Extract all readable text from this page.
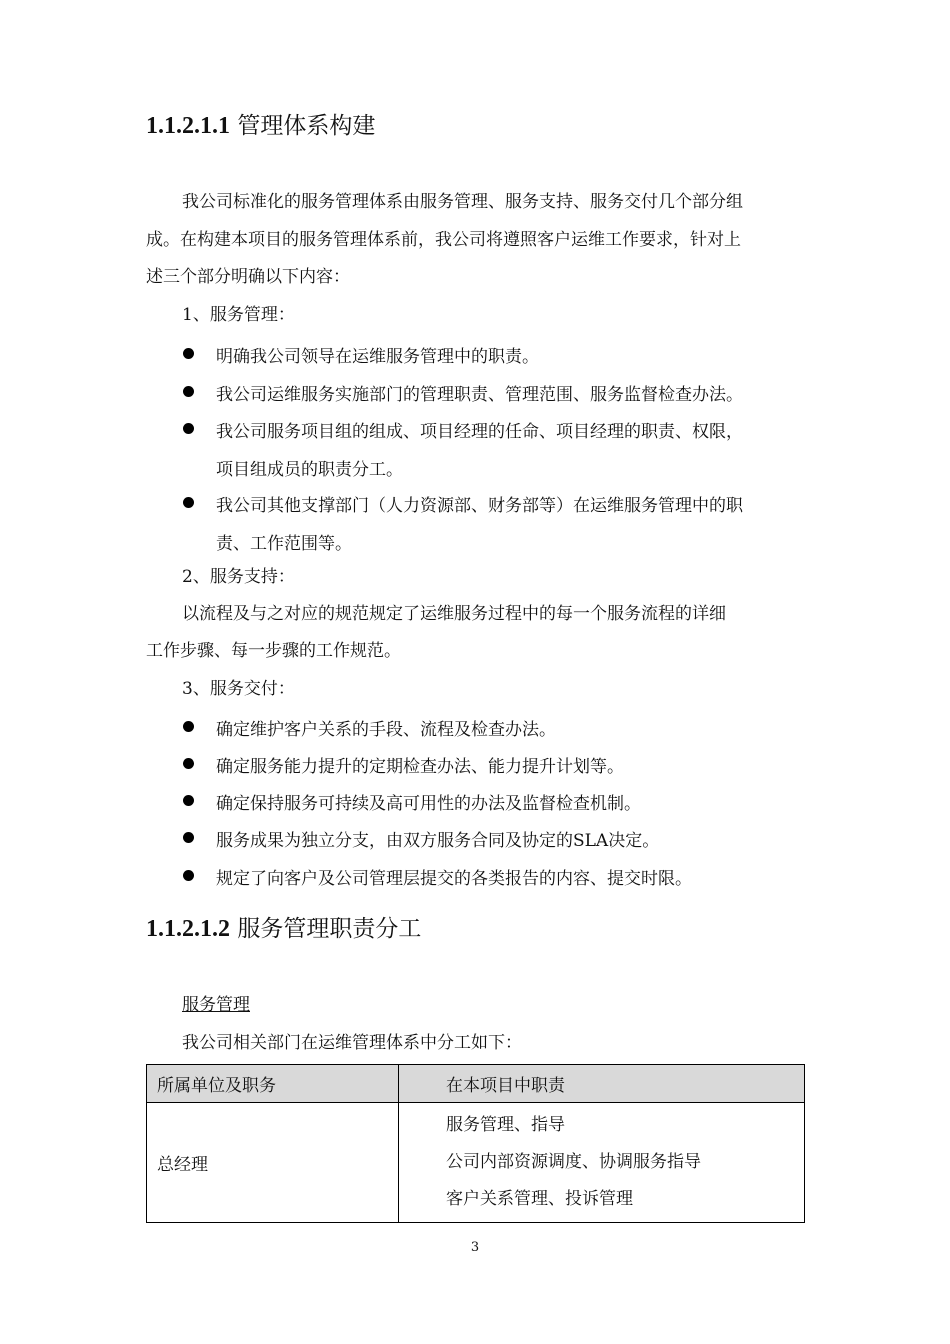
1.1.2.1.1 管理体系构建
我公司标准化的服务管理体系由服务管理、服务支持、服务交付几个部分组
成。在构建本项目的服务管理体系前，我公司将遵照客户运维工作要求，针对上
述三个部分明确以下内容：
1、服务管理：
明确我公司领导在运维服务管理中的职责。
我公司运维服务实施部门的管理职责、管理范围、服务监督检查办法。
我公司服务项目组的组成、项目经理的任命、项目经理的职责、权限，
项目组成员的职责分工。
我公司其他支撑部门（人力资源部、财务部等）在运维服务管理中的职
责、工作范围等。
2、服务支持：
以流程及与之对应的规范规定了运维服务过程中的每一个服务流程的详细
工作步骤、每一步骤的工作规范。
3、服务交付：
确定维护客户关系的手段、流程及检查办法。
确定服务能力提升的定期检查办法、能力提升计划等。
确定保持服务可持续及高可用性的办法及监督检查机制。
服务成果为独立分支，由双方服务合同及协定的SLA决定。
规定了向客户及公司管理层提交的各类报告的内容、提交时限。
1.1.2.1.2 服务管理职责分工
服务管理
我公司相关部门在运维管理体系中分工如下：
所属单位及职务	在本项目中职责
总经理	服务管理、指导
公司内部资源调度、协调服务指导
客户关系管理、投诉管理
3
